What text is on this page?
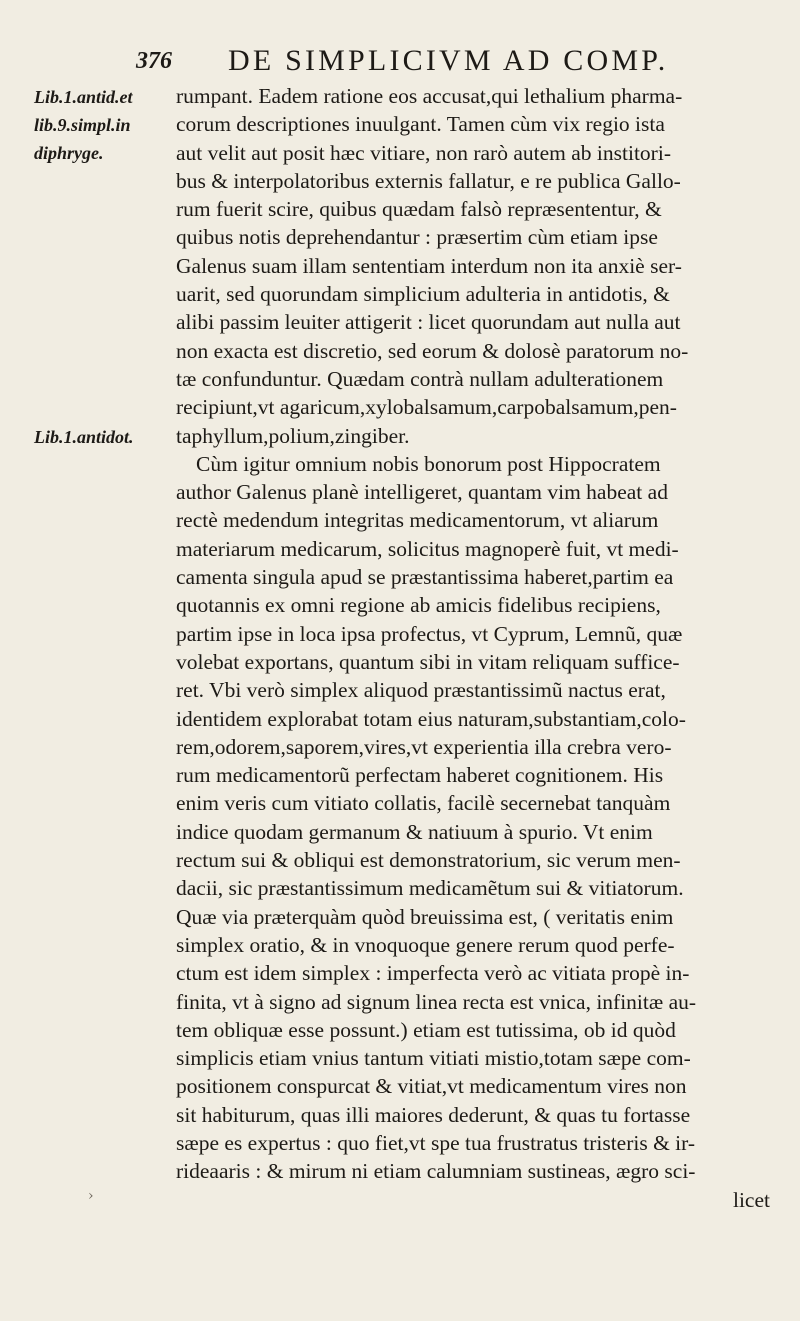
376 DE SIMPLICIVM AD COMP.
Lib.1.antid.et
lib.9.simpl.in
diphryge.
Lib.1.antidot.
rumpant. Eadem ratione eos accusat,qui lethalium pharma-
corum descriptiones inuulgant. Tamen cùm vix regio ista
aut velit aut posit hæc vitiare, non rarò autem ab institori-
bus & interpolatoribus externis fallatur, e re publica Gallo-
rum fuerit scire, quibus quædam falsò repræsententur, &
quibus notis deprehendantur : præsertim cùm etiam ipse
Galenus suam illam sententiam interdum non ita anxiè ser-
uarit, sed quorundam simplicium adulteria in antidotis, &
alibi passim leuiter attigerit : licet quorundam aut nulla aut
non exacta est discretio, sed eorum & dolosè paratorum no-
tæ confunduntur. Quædam contrà nullam adulterationem
recipiunt,vt agaricum,xylobalsamum,carpobalsamum,pen-
taphyllum,polium,zingiber.
Cùm igitur omnium nobis bonorum post Hippocratem
author Galenus planè intelligeret, quantam vim habeat ad
rectè medendum integritas medicamentorum, vt aliarum
materiarum medicarum, solicitus magnoperè fuit, vt medi-
camenta singula apud se præstantissima haberet,partim ea
quotannis ex omni regione ab amicis fidelibus recipiens,
partim ipse in loca ipsa profectus, vt Cyprum, Lemnũ, quæ
volebat exportans, quantum sibi in vitam reliquam suffice-
ret. Vbi verò simplex aliquod præstantissimũ nactus erat,
identidem explorabat totam eius naturam,substantiam,colo-
rem,odorem,saporem,vires,vt experientia illa crebra vero-
rum medicamentorũ perfectam haberet cognitionem. His
enim veris cum vitiato collatis, facilè secernebat tanquàm
indice quodam germanum & natiuum à spurio. Vt enim
rectum sui & obliqui est demonstratorium, sic verum men-
dacii, sic præstantissimum medicamẽtum sui & vitiatorum.
Quæ via præterquàm quòd breuissima est, ( veritatis enim
simplex oratio, & in vnoquoque genere rerum quod perfe-
ctum est idem simplex : imperfecta verò ac vitiata propè in-
finita, vt à signo ad signum linea recta est vnica, infinitæ au-
tem obliquæ esse possunt.) etiam est tutissima, ob id quòd
simplicis etiam vnius tantum vitiati mistio,totam sæpe com-
positionem conspurcat & vitiat,vt medicamentum vires non
sit habiturum, quas illi maiores dederunt, & quas tu fortasse
sæpe es expertus : quo fiet,vt spe tua frustratus tristeris & ir-
rideaaris : & mirum ni etiam calumniam sustineas, ægro sci-
licet
›
